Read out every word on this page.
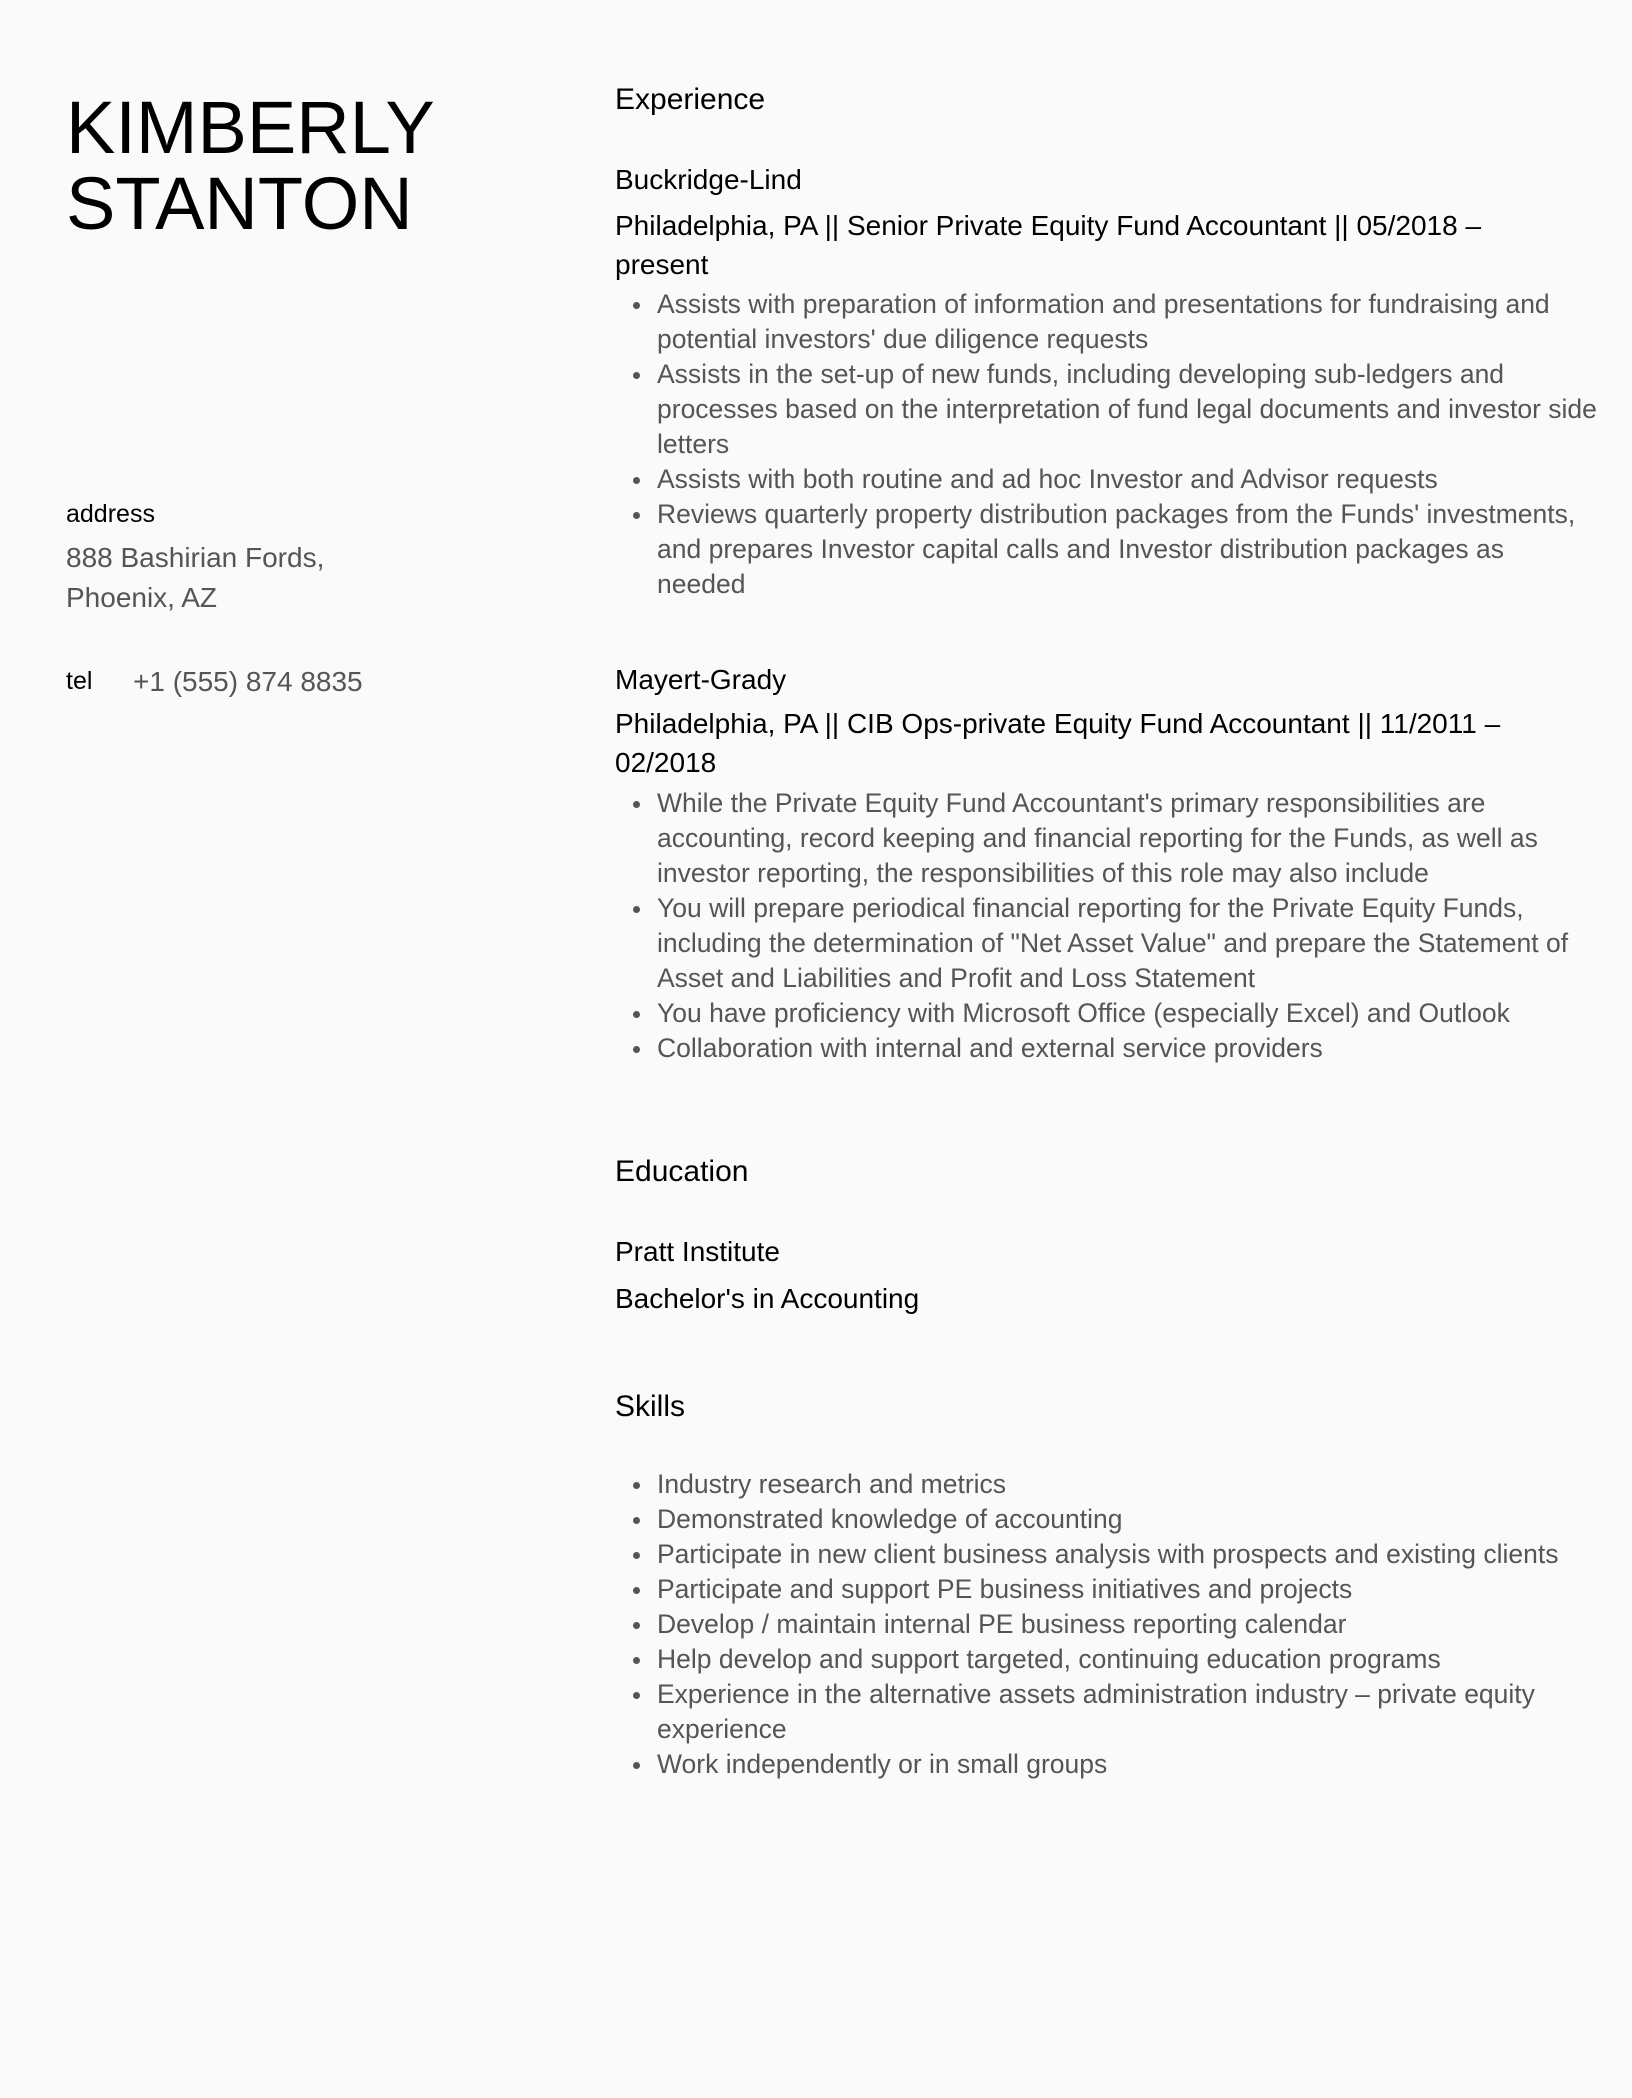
KIMBERLY
STANTON
address
888 Bashirian Fords,
Phoenix, AZ
tel +1 (555) 874 8835
Experience
Buckridge-Lind
Philadelphia, PA || Senior Private Equity Fund Accountant || 05/2018 – present
Assists with preparation of information and presentations for fundraising and potential investors' due diligence requests
Assists in the set-up of new funds, including developing sub-ledgers and processes based on the interpretation of fund legal documents and investor side letters
Assists with both routine and ad hoc Investor and Advisor requests
Reviews quarterly property distribution packages from the Funds' investments, and prepares Investor capital calls and Investor distribution packages as needed
Mayert-Grady
Philadelphia, PA || CIB Ops-private Equity Fund Accountant || 11/2011 – 02/2018
While the Private Equity Fund Accountant's primary responsibilities are accounting, record keeping and financial reporting for the Funds, as well as investor reporting, the responsibilities of this role may also include
You will prepare periodical financial reporting for the Private Equity Funds, including the determination of "Net Asset Value" and prepare the Statement of Asset and Liabilities and Profit and Loss Statement
You have proficiency with Microsoft Office (especially Excel) and Outlook
Collaboration with internal and external service providers
Education
Pratt Institute
Bachelor's in Accounting
Skills
Industry research and metrics
Demonstrated knowledge of accounting
Participate in new client business analysis with prospects and existing clients
Participate and support PE business initiatives and projects
Develop / maintain internal PE business reporting calendar
Help develop and support targeted, continuing education programs
Experience in the alternative assets administration industry – private equity experience
Work independently or in small groups
